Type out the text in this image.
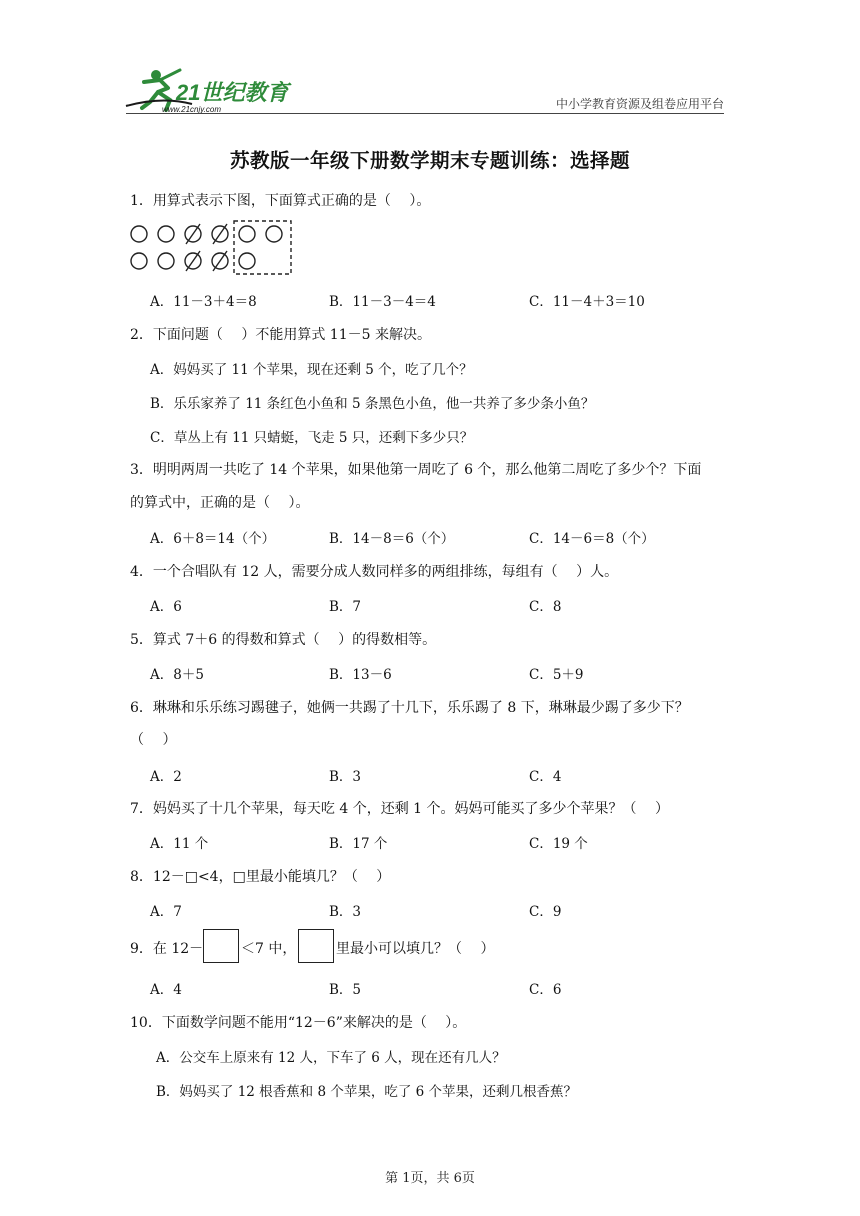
21世纪教育
www.21cnjy.com	中小学教育资源及组卷应用平台
苏教版一年级下册数学期末专题训练：选择题
1．用算式表示下图，下面算式正确的是（　 ）。
A．11－3＋4＝8	B．11－3－4＝4	C．11－4＋3＝10
2．下面问题（　 ）不能用算式 11－5 来解决。
A．妈妈买了 11 个苹果，现在还剩 5 个，吃了几个？
B．乐乐家养了 11 条红色小鱼和 5 条黑色小鱼，他一共养了多少条小鱼？
C．草丛上有 11 只蜻蜓，飞走 5 只，还剩下多少只？
3．明明两周一共吃了 14 个苹果，如果他第一周吃了 6 个，那么他第二周吃了多少个？下面
的算式中，正确的是（　 ）。
A．6＋8＝14（个）	B．14－8＝6（个）	C．14－6＝8（个）
4．一个合唱队有 12 人，需要分成人数同样多的两组排练，每组有（　 ）人。
A．6	B．7	C．8
5．算式 7＋6 的得数和算式（　 ）的得数相等。
A．8＋5	B．13－6	C．5＋9
6．琳琳和乐乐练习踢毽子，她俩一共踢了十几下，乐乐踢了 8 下，琳琳最少踢了多少下？
（　 ）
A．2	B．3	C．4
7．妈妈买了十几个苹果，每天吃 4 个，还剩 1 个。妈妈可能买了多少个苹果？（　 ）
A．11 个	B．17 个	C．19 个
8．12－□<4，□里最小能填几？（　 ）
A．7	B．3	C．9
9．在 12－	＜7 中，	里最小可以填几？（　 ）
A．4	B．5	C．6
10．下面数学问题不能用“12－6”来解决的是（　 ）。
A．公交车上原来有 12 人，下车了 6 人，现在还有几人？
B．妈妈买了 12 根香蕉和 8 个苹果，吃了 6 个苹果，还剩几根香蕉？
第 1页，共 6页
